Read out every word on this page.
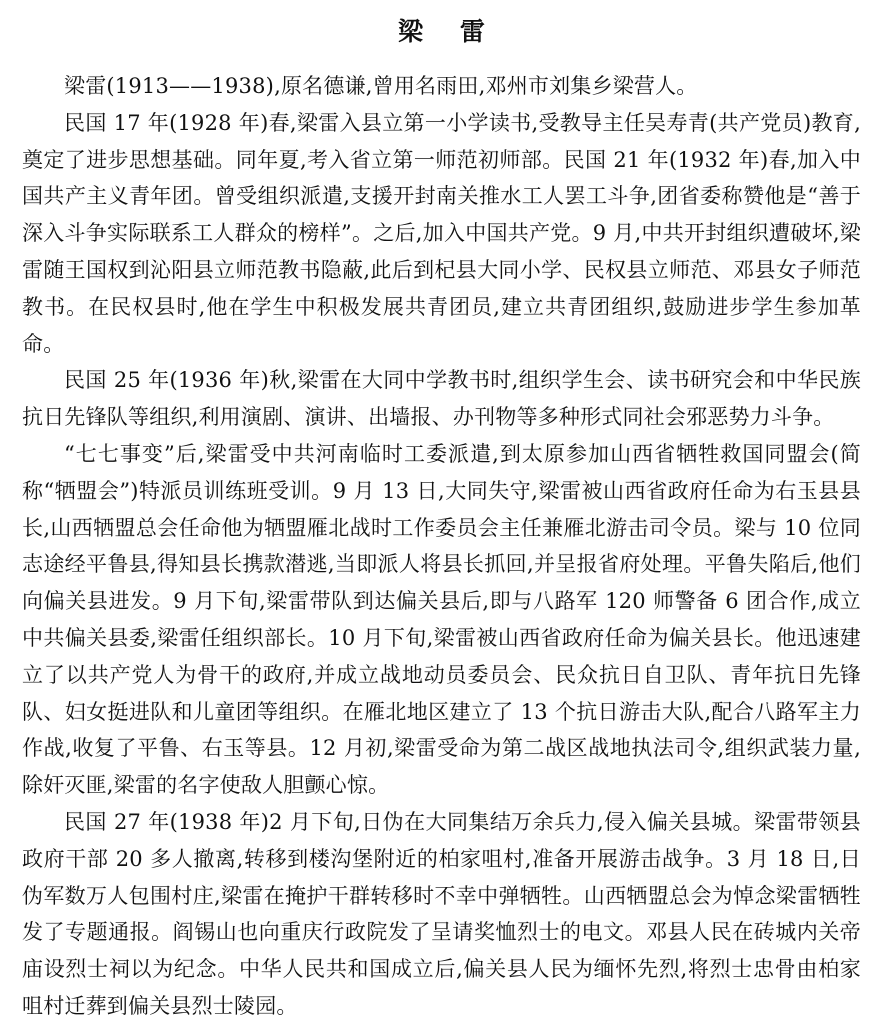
梁 雷

梁雷(1913——1938),原名德谦,曾用名雨田,邓州市刘集乡梁营人。

民国 17 年(1928 年)春,梁雷入县立第一小学读书,受教导主任吴寿青(共产党员)教育,奠定了进步思想基础。同年夏,考入省立第一师范初师部。民国 21 年(1932 年)春,加入中国共产主义青年团。曾受组织派遣,支援开封南关推水工人罢工斗争,团省委称赞他是“善于深入斗争实际联系工人群众的榜样”。之后,加入中国共产党。9 月,中共开封组织遭破坏,梁雷随王国权到沁阳县立师范教书隐蔽,此后到杞县大同小学、民权县立师范、邓县女子师范教书。在民权县时,他在学生中积极发展共青团员,建立共青团组织,鼓励进步学生参加革命。

民国 25 年(1936 年)秋,梁雷在大同中学教书时,组织学生会、读书研究会和中华民族抗日先锋队等组织,利用演剧、演讲、出墙报、办刊物等多种形式同社会邪恶势力斗争。

“七七事变”后,梁雷受中共河南临时工委派遣,到太原参加山西省牺牲救国同盟会(简称“牺盟会”)特派员训练班受训。9 月 13 日,大同失守,梁雷被山西省政府任命为右玉县县长,山西牺盟总会任命他为牺盟雁北战时工作委员会主任兼雁北游击司令员。梁与 10 位同志途经平鲁县,得知县长携款潜逃,当即派人将县长抓回,并呈报省府处理。平鲁失陷后,他们向偏关县进发。9 月下旬,梁雷带队到达偏关县后,即与八路军 120 师警备 6 团合作,成立中共偏关县委,梁雷任组织部长。10 月下旬,梁雷被山西省政府任命为偏关县长。他迅速建立了以共产党人为骨干的政府,并成立战地动员委员会、民众抗日自卫队、青年抗日先锋队、妇女挺进队和儿童团等组织。在雁北地区建立了 13 个抗日游击大队,配合八路军主力作战,收复了平鲁、右玉等县。12 月初,梁雷受命为第二战区战地执法司令,组织武装力量,除奸灭匪,梁雷的名字使敌人胆颤心惊。

民国 27 年(1938 年)2 月下旬,日伪在大同集结万余兵力,侵入偏关县城。梁雷带领县政府干部 20 多人撤离,转移到楼沟堡附近的柏家咀村,准备开展游击战争。3 月 18 日,日伪军数万人包围村庄,梁雷在掩护干群转移时不幸中弹牺牲。山西牺盟总会为悼念梁雷牺牲发了专题通报。阎锡山也向重庆行政院发了呈请奖恤烈士的电文。邓县人民在砖城内关帝庙设烈士祠以为纪念。中华人民共和国成立后,偏关县人民为缅怀先烈,将烈士忠骨由柏家咀村迁葬到偏关县烈士陵园。
